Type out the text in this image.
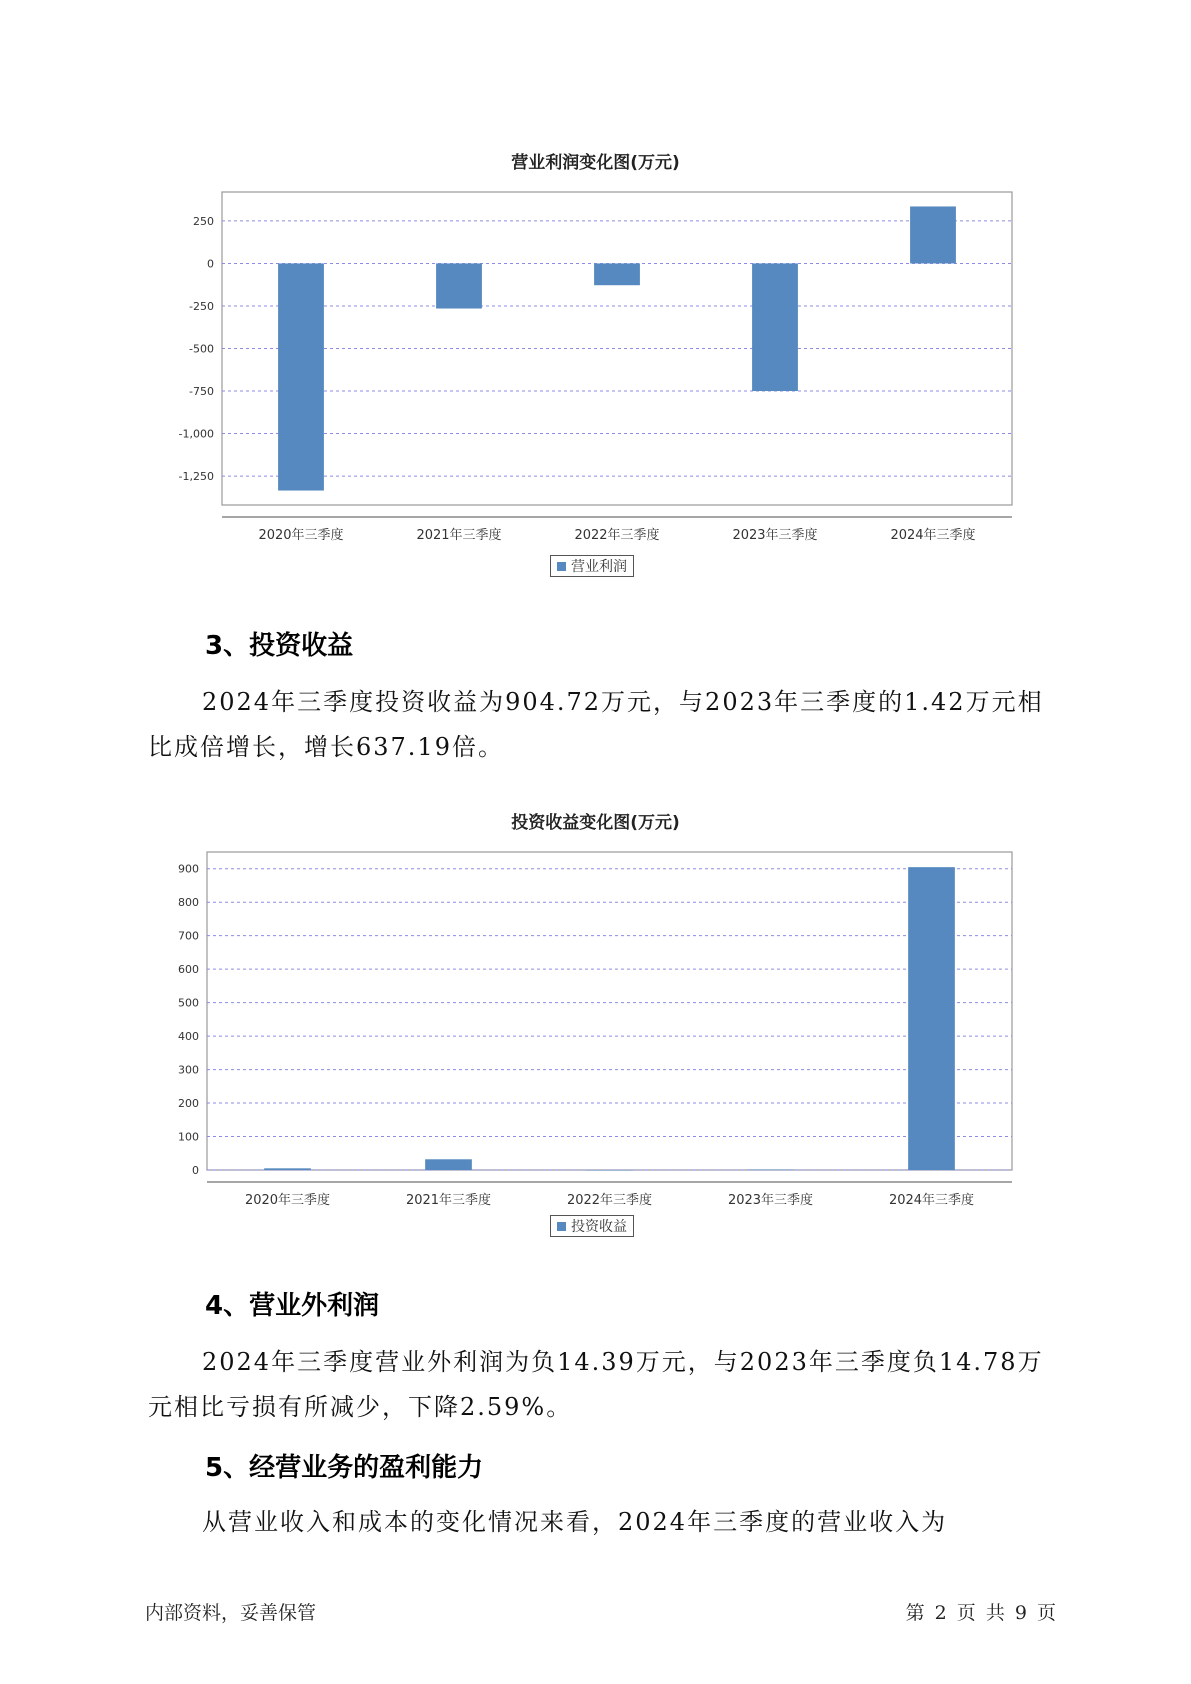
营业利润变化图(万元)
250
0
-250
-500
-750
-1,000
-1,250
2020年三季度	2021年三季度	2022年三季度	2023年三季度	2024年三季度
营业利润
3、投资收益
2024年三季度投资收益为904.72万元，与2023年三季度的1.42万元相比成倍增长，增长637.19倍。
投资收益变化图(万元)
900
800
700
600
500
400
300
200
100
0
2020年三季度	2021年三季度	2022年三季度	2023年三季度	2024年三季度
投资收益
4、营业外利润
2024年三季度营业外利润为负14.39万元，与2023年三季度负14.78万元相比亏损有所减少，下降2.59%。
5、经营业务的盈利能力
从营业收入和成本的变化情况来看，2024年三季度的营业收入为
内部资料，妥善保管	第 2 页 共 9 页
